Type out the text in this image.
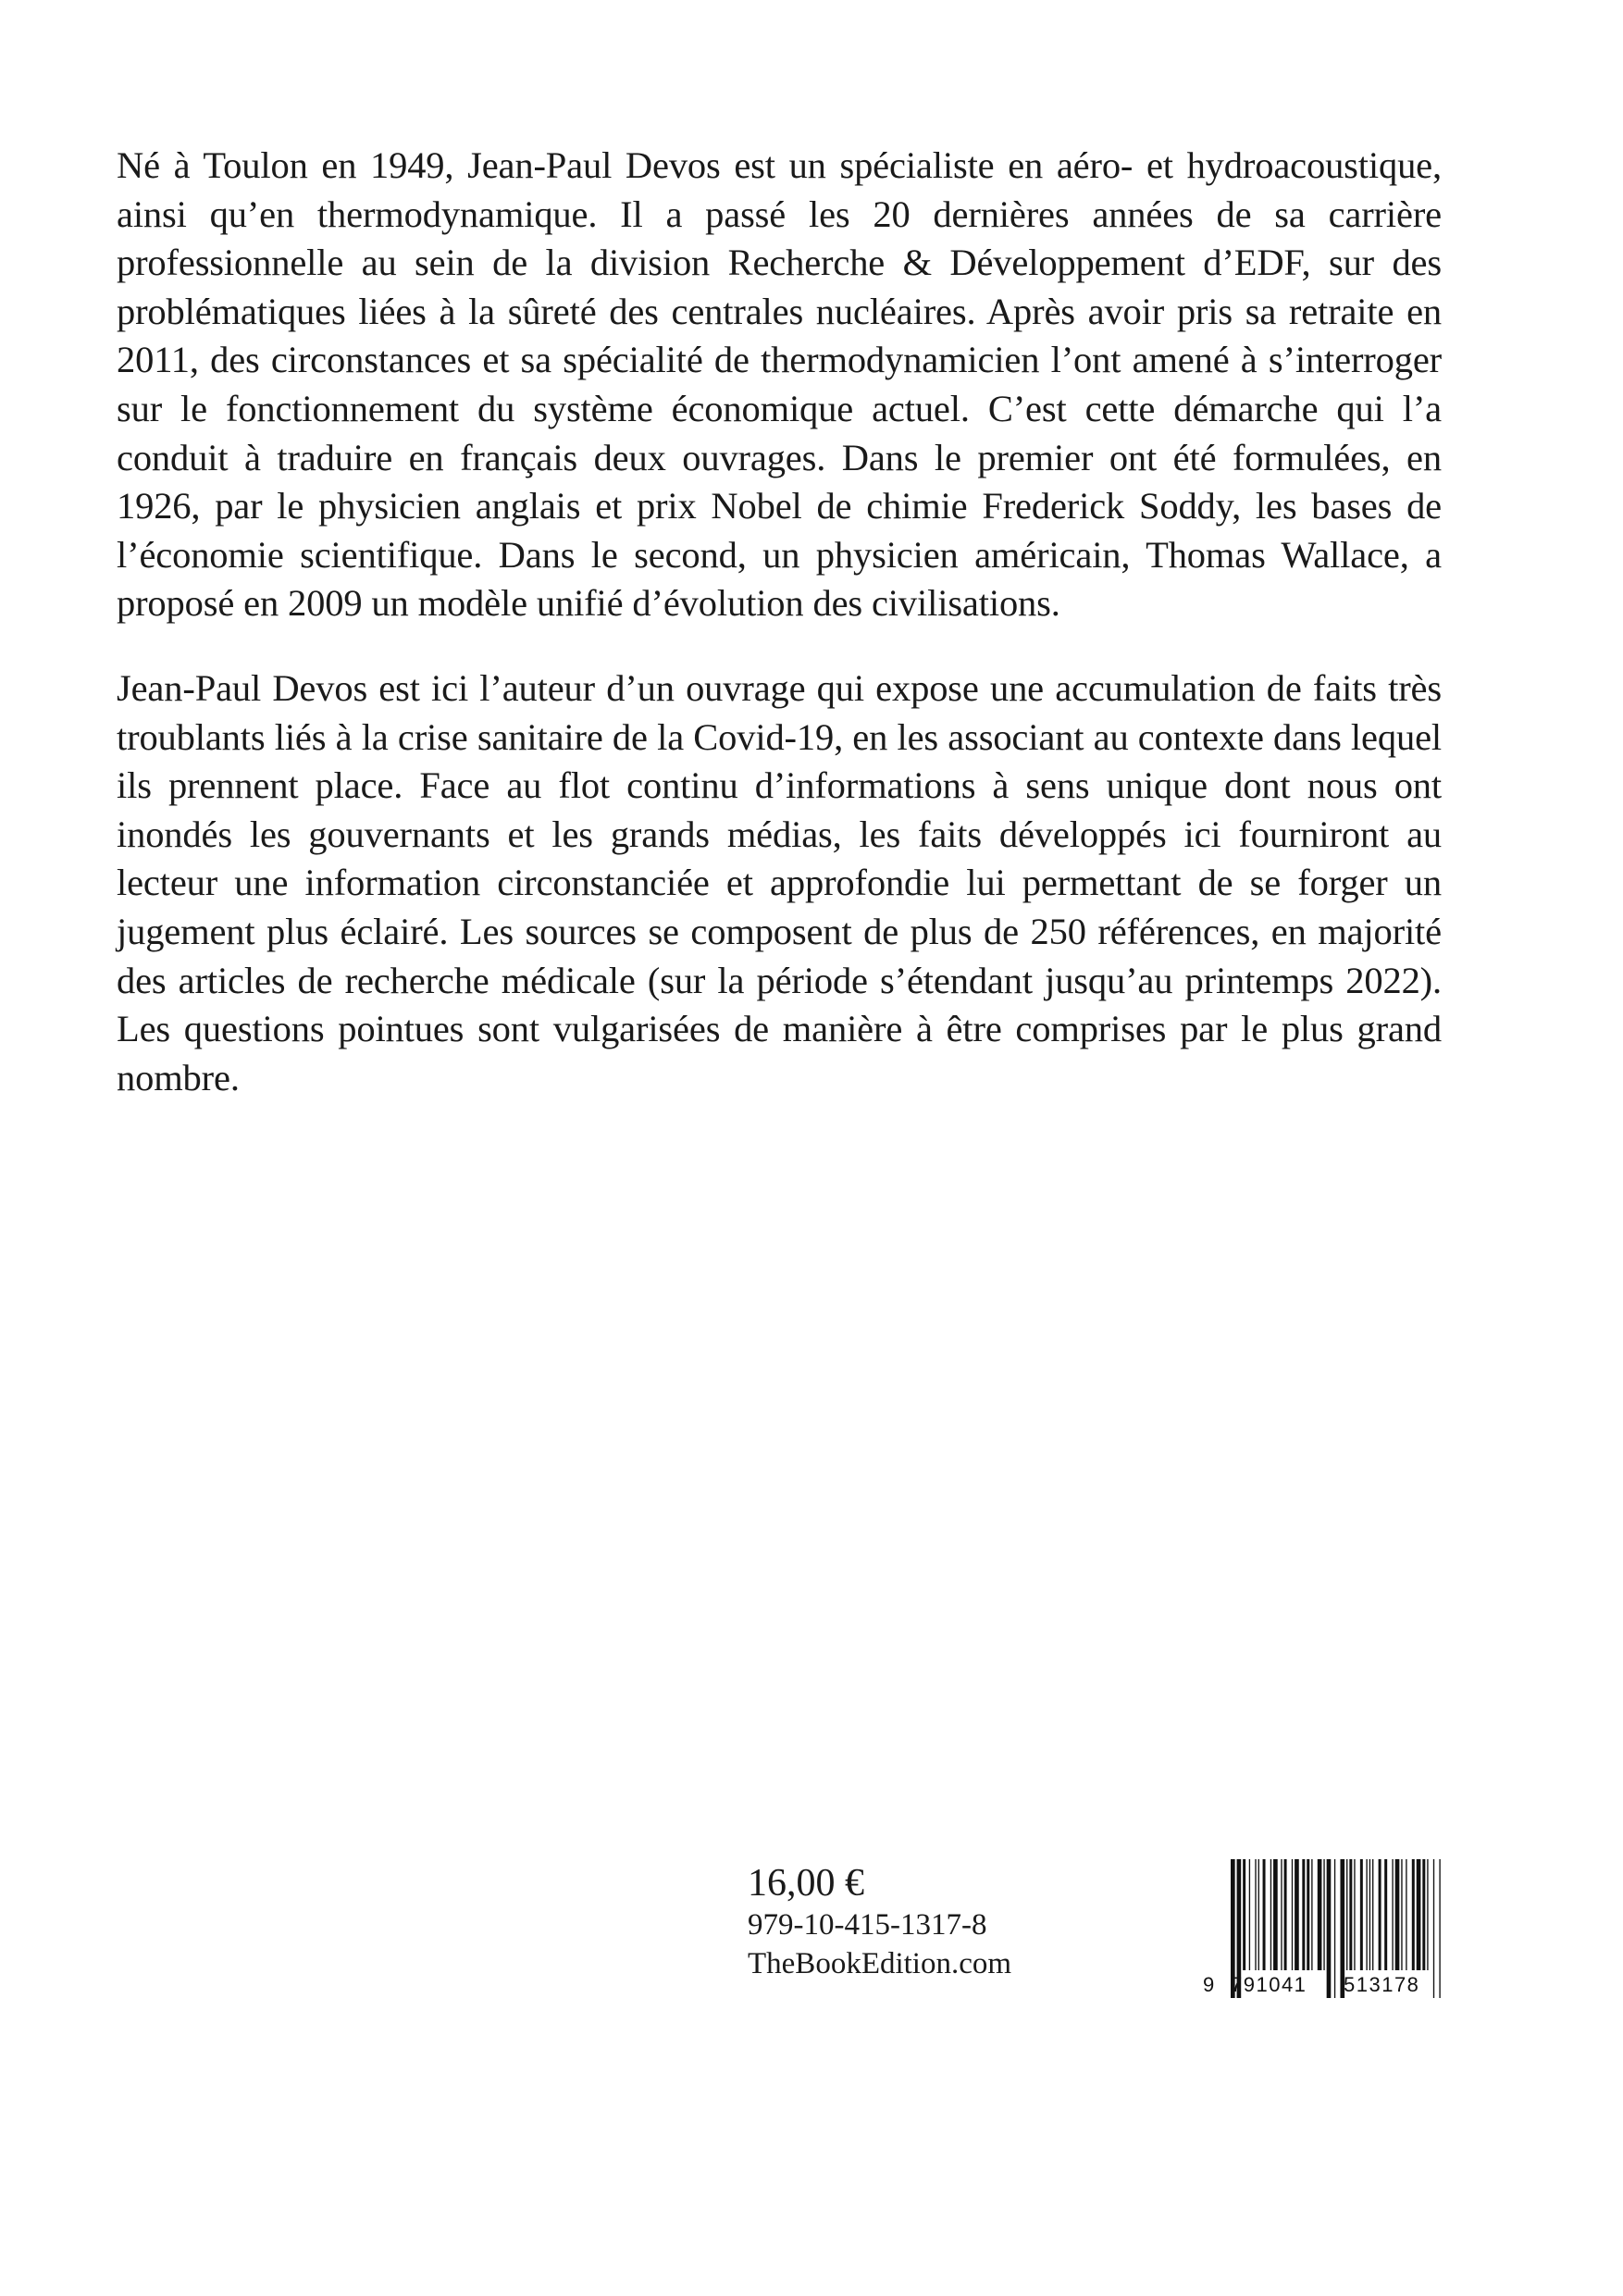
Né à Toulon en 1949, Jean-Paul Devos est un spécialiste en aéro- et hydroacoustique, ainsi qu’en thermodynamique. Il a passé les 20 dernières années de sa carrière professionnelle au sein de la division Recherche & Développement d’EDF, sur des problématiques liées à la sûreté des centrales nucléaires. Après avoir pris sa retraite en 2011, des circonstances et sa spécialité de thermodynamicien l’ont amené à s’interroger sur le fonctionnement du système économique actuel. C’est cette démarche qui l’a conduit à traduire en français deux ouvrages. Dans le premier ont été formulées, en 1926, par le physicien anglais et prix Nobel de chimie Frederick Soddy, les bases de l’économie scientifique. Dans le second, un physicien américain, Thomas Wallace, a proposé en 2009 un modèle unifié d’évolution des civilisations.

Jean-Paul Devos est ici l’auteur d’un ouvrage qui expose une accumulation de faits très troublants liés à la crise sanitaire de la Covid-19, en les associant au contexte dans lequel ils prennent place. Face au flot continu d’informations à sens unique dont nous ont inondés les gouvernants et les grands médias, les faits développés ici fourniront au lecteur une information circonstanciée et approfondie lui permettant de se forger un jugement plus éclairé. Les sources se composent de plus de 250 références, en majorité des articles de recherche médicale (sur la période s’étendant jusqu’au printemps 2022). Les questions pointues sont vulgarisées de manière à être comprises par le plus grand nombre.

16,00 €

979-10-415-1317-8

TheBookEdition.com

9 791041 513178
